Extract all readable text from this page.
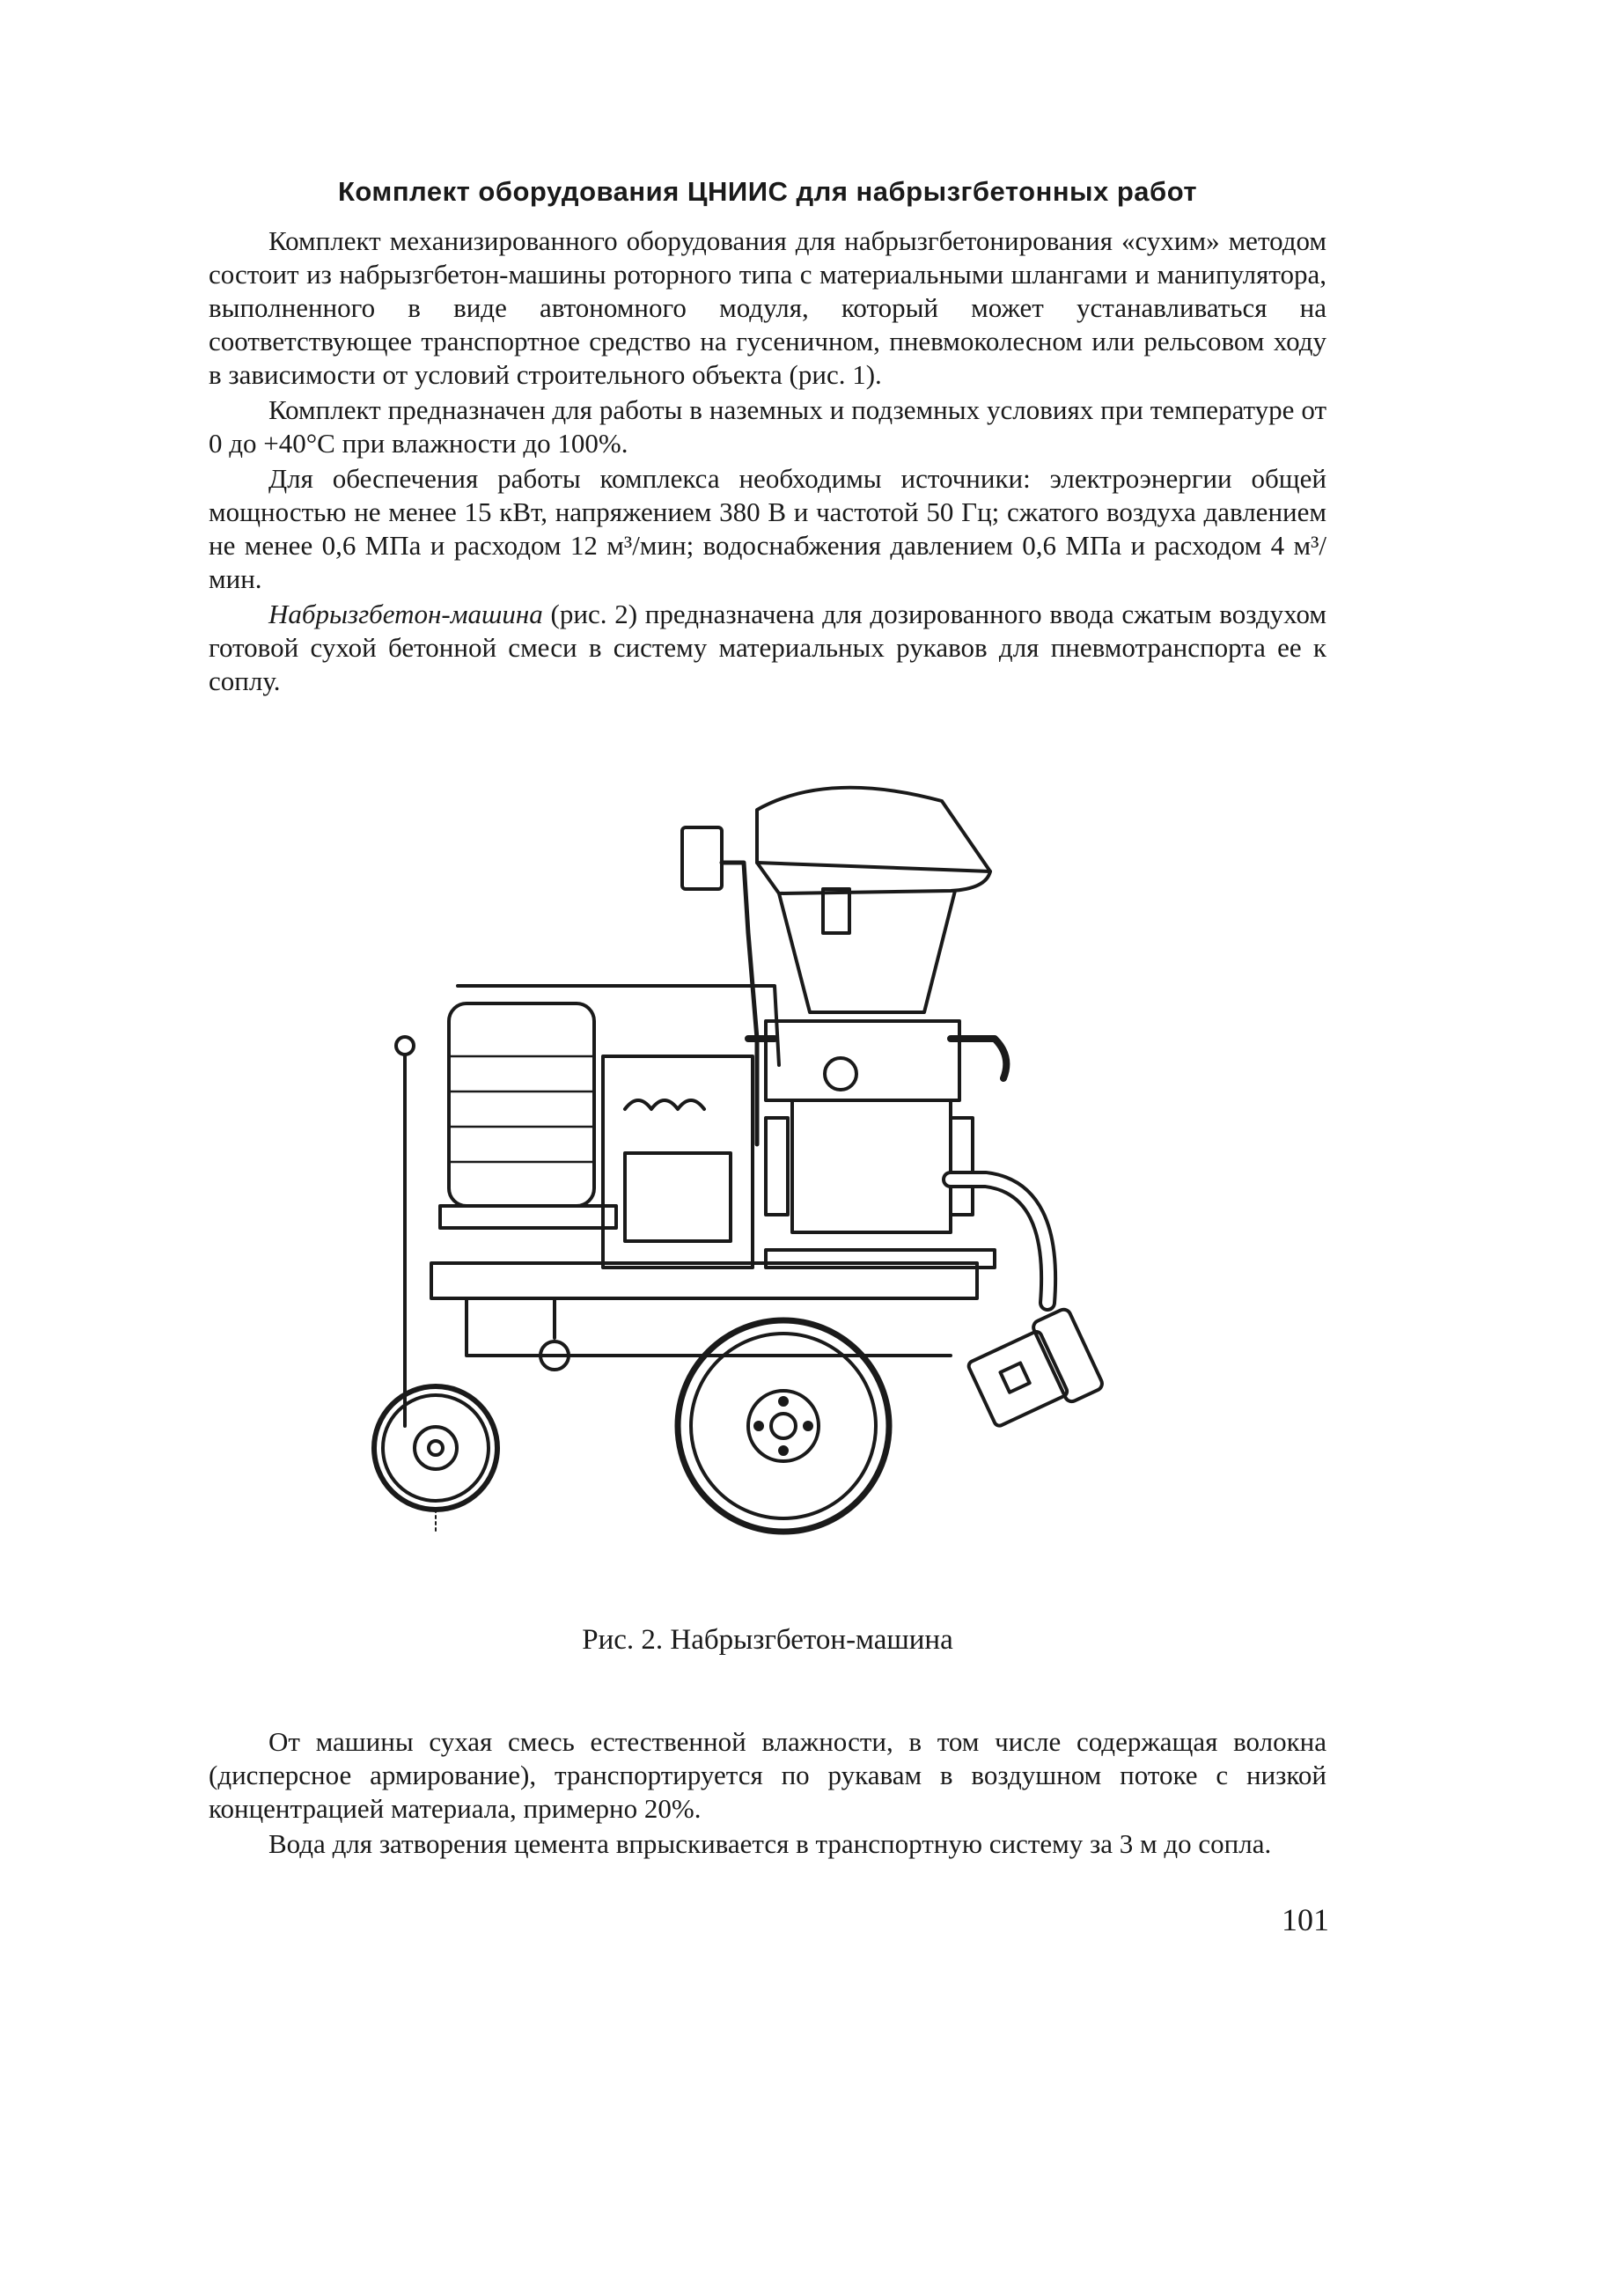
Комплект оборудования ЦНИИС для набрызгбетонных работ

Комплект механизированного оборудования для набрызгбетонирования «сухим» методом состоит из набрызгбетон-машины роторного типа с материальными шлангами и манипулятора, выполненного в виде автономного модуля, который может устанавливаться на соответствующее транспортное средство на гусеничном, пневмоколесном или рельсовом ходу в зависимости от условий строительного объекта (рис. 1).

Комплект предназначен для работы в наземных и подземных условиях при температуре от 0 до +40°С при влажности до 100%.

Для обеспечения работы комплекса необходимы источники: электроэнергии общей мощностью не менее 15 кВт, напряжением 380 В и частотой 50 Гц; сжатого воздуха давлением не менее 0,6 МПа и расходом 12 м³/мин; водоснабжения давлением 0,6 МПа и расходом 4 м³/мин.

Набрызгбетон-машина (рис. 2) предназначена для дозированного ввода сжатым воздухом готовой сухой бетонной смеси в систему материальных рукавов для пневмотранспорта ее к соплу.

Рис. 2. Набрызгбетон-машина

От машины сухая смесь естественной влажности, в том числе содержащая волокна (дисперсное армирование), транспортируется по рукавам в воздушном потоке с низкой концентрацией материала, примерно 20%.

Вода для затворения цемента впрыскивается в транспортную систему за 3 м до сопла.

101
